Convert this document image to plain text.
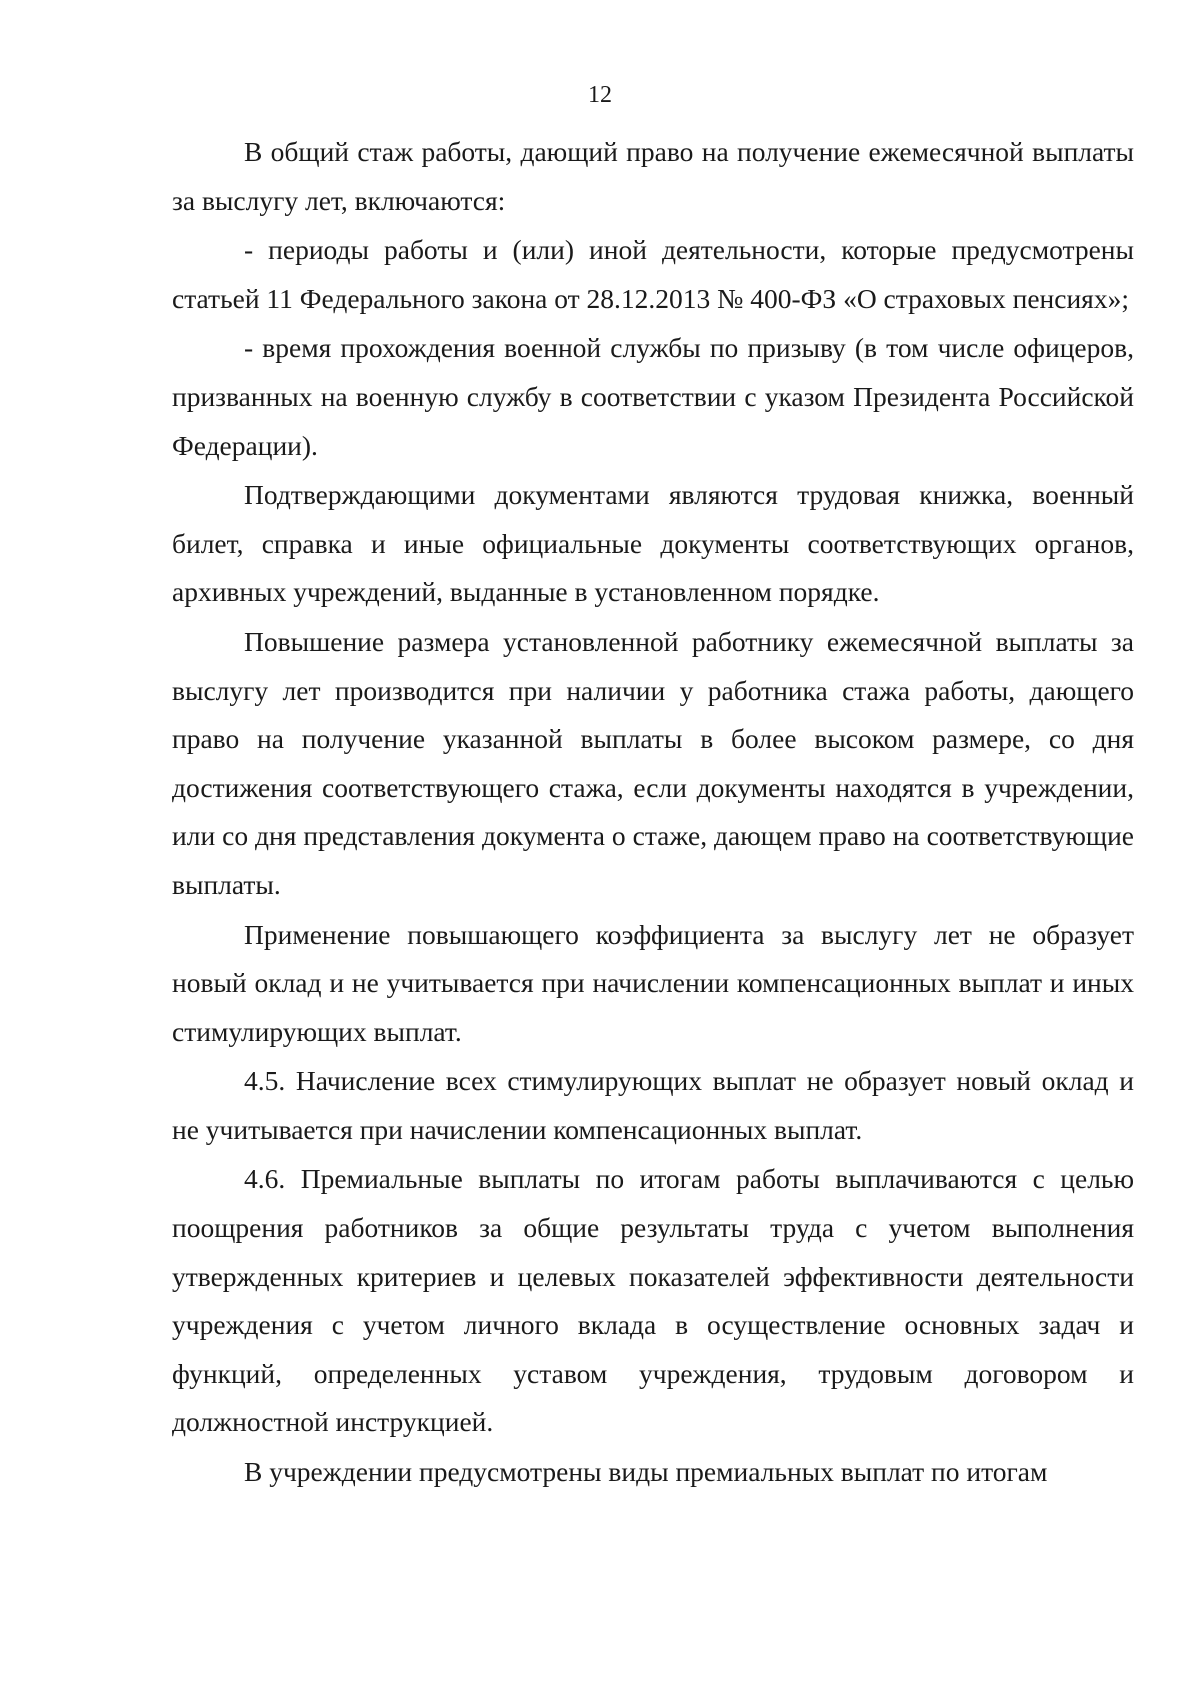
12

В общий стаж работы, дающий право на получение ежемесячной выплаты за выслугу лет, включаются:

- периоды работы и (или) иной деятельности, которые предусмотрены статьей 11 Федерального закона от 28.12.2013 № 400-ФЗ «О страховых пенсиях»;

- время прохождения военной службы по призыву (в том числе офицеров, призванных на военную службу в соответствии с указом Президента Российской Федерации).

Подтверждающими документами являются трудовая книжка, военный билет, справка и иные официальные документы соответствующих органов, архивных учреждений, выданные в установленном порядке.

Повышение размера установленной работнику ежемесячной выплаты за выслугу лет производится при наличии у работника стажа работы, дающего право на получение указанной выплаты в более высоком размере, со дня достижения соответствующего стажа, если документы находятся в учреждении, или со дня представления документа о стаже, дающем право на соответствующие выплаты.

Применение повышающего коэффициента за выслугу лет не образует новый оклад и не учитывается при начислении компенсационных выплат и иных стимулирующих выплат.

4.5. Начисление всех стимулирующих выплат не образует новый оклад и не учитывается при начислении компенсационных выплат.

4.6. Премиальные выплаты по итогам работы выплачиваются с целью поощрения работников за общие результаты труда с учетом выполнения утвержденных критериев и целевых показателей эффективности деятельности учреждения с учетом личного вклада в осуществление основных задач и функций, определенных уставом учреждения, трудовым договором и должностной инструкцией.

В учреждении предусмотрены виды премиальных выплат по итогам
